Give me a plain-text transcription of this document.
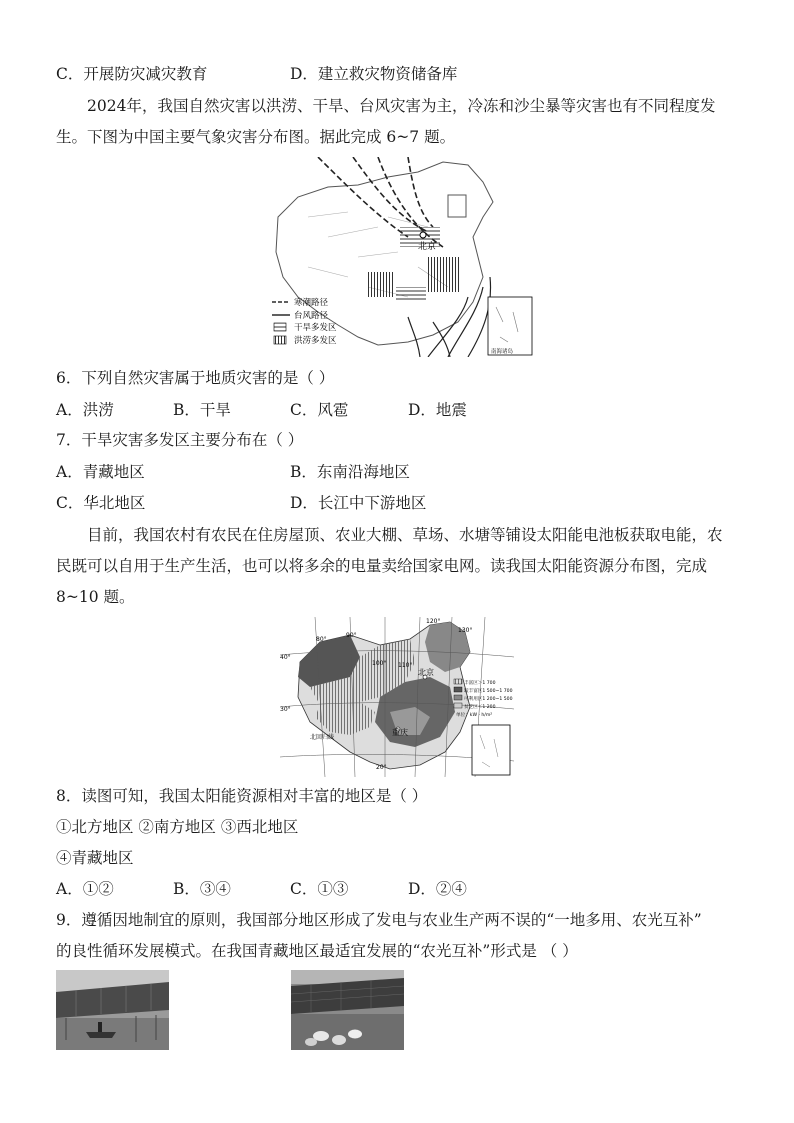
C．开展防灾减灾教育	D．建立救灾物资储备库
2024年，我国自然灾害以洪涝、干旱、台风灾害为主，冷冻和沙尘暴等灾害也有不同程度发
生。下图为中国主要气象灾害分布图。据此完成 6~7 题。
北京
寒潮路径
台风路径
干旱多发区
洪涝多发区
南海诸岛
6．下列自然灾害属于地质灾害的是（ ）
A．洪涝	B．干旱	C．风雹	D．地震
7．干旱灾害多发区主要分布在（ ）
A．青藏地区	B．东南沿海地区
C．华北地区	D．长江中下游地区
目前，我国农村有农民在住房屋顶、农业大棚、草场、水塘等铺设太阳能电池板获取电能，农
民既可以自用于生产生活，也可以将多余的电量卖给国家电网。读我国太阳能资源分布图，完成
8~10 题。
80°
90°
100° 110°
120°
130°
40°
30°
20°
北京
重庆
北回归线
丰富区＞1 700
较丰富区1 500~1 700
可利用区1 200~1 500
贫乏区＜1 200
单位：kW · h/m²
8．读图可知，我国太阳能资源相对丰富的地区是（ ）
①北方地区 ②南方地区 ③西北地区
④青藏地区
A．①②	B．③④	C．①③	D．②④
9．遵循因地制宜的原则，我国部分地区形成了发电与农业生产两不误的“一地多用、农光互补”
的良性循环发展模式。在我国青藏地区最适宜发展的“农光互补”形式是 （ ）
